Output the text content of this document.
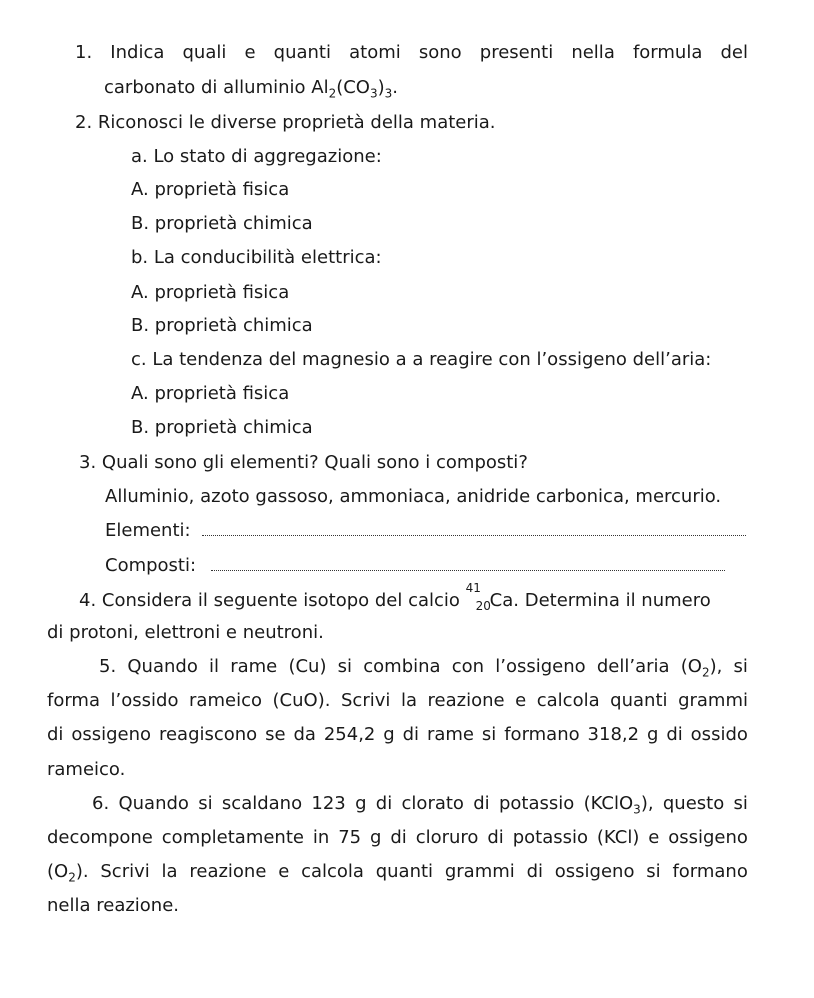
1. Indica quali e quanti atomi sono presenti nella formula del
carbonato di alluminio $Al_2(CO_3)_3$.
2. Riconosci le diverse proprietà della materia.
a. Lo stato di aggregazione:
A. proprietà fisica
B. proprietà chimica
b. La conducibilità elettrica:
A. proprietà fisica
B. proprietà chimica
c. La tendenza del magnesio a a reagire con l’ossigeno dell’aria:
A. proprietà fisica
B. proprietà chimica
3. Quali sono gli elementi? Quali sono i composti?
Alluminio, azoto gassoso, ammoniaca, anidride carbonica, mercurio.
Elementi:
Composti:
4. Considera il seguente isotopo del calcio
41
20
Ca. Determina il numero
di protoni, elettroni e neutroni.
5. Quando il rame (Cu) si combina con l’ossigeno dell’aria $(O_2)$, si
forma l’ossido rameico (CuO). Scrivi la reazione e calcola quanti grammi
di ossigeno reagiscono se da 254,2 g di rame si formano 318,2 g di ossido
rameico.
6. Quando si scaldano 123 g di clorato di potassio (KClO$_3$), questo si
decompone completamente in 75 g di cloruro di potassio (KCl) e ossigeno
$(O_2)$. Scrivi la reazione e calcola quanti grammi di ossigeno si formano
nella reazione.
